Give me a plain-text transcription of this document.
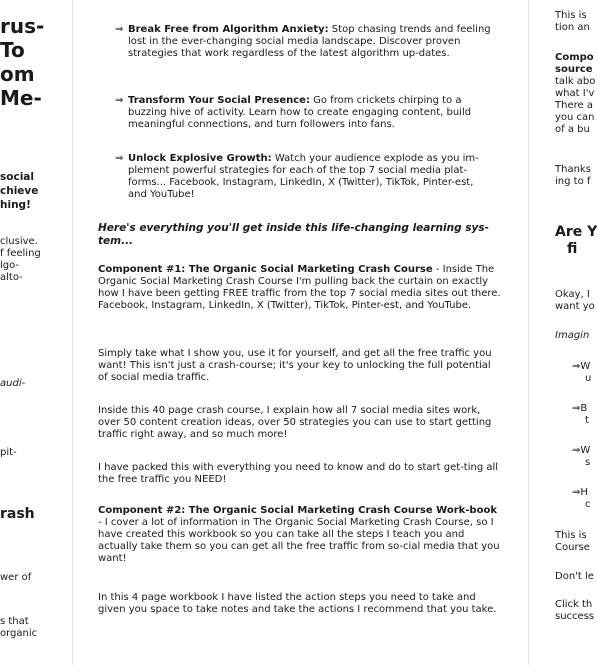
rus-
To
om
Me-
social
chieve
hing!
clusive.
f feeling
lgo-
alto-
audi-
pit-
rash
wer of
s that
organic
⇒ Break Free from Algorithm Anxiety: Stop chasing trends and feeling lost in the ever-changing social media landscape. Discover proven strategies that work regardless of the latest algorithm up-dates.
⇒ Transform Your Social Presence: Go from crickets chirping to a buzzing hive of activity. Learn how to create engaging content, build meaningful connections, and turn followers into fans.
⇒ Unlock Explosive Growth: Watch your audience explode as you im-plement powerful strategies for each of the top 7 social media plat-forms... Facebook, Instagram, LinkedIn, X (Twitter), TikTok, Pinter-est, and YouTube!
Here's everything you'll get inside this life-changing learning sys-tem...
Component #1: The Organic Social Marketing Crash Course - Inside The Organic Social Marketing Crash Course I'm pulling back the curtain on exactly how I have been getting FREE traffic from the top 7 social media sites out there. Facebook, Instagram, LinkedIn, X (Twitter), TikTok, Pinter-est, and YouTube.
Simply take what I show you, use it for yourself, and get all the free traffic you want! This isn't just a crash-course; it's your key to unlocking the full potential of social media traffic.
Inside this 40 page crash course, I explain how all 7 social media sites work, over 50 content creation ideas, over 50 strategies you can use to start getting traffic right away, and so much more!
I have packed this with everything you need to know and do to start get-ting all the free traffic you NEED!
Component #2: The Organic Social Marketing Crash Course Work-book - I cover a lot of information in The Organic Social Marketing Crash Course, so I have created this workbook so you can take all the steps I teach you and actually take them so you can get all the free traffic from so-cial media that you want!
In this 4 page workbook I have listed the action steps you need to take and given you space to take notes and take the actions I recommend that you take.
This is
tion an
Compo
source
talk abo
what I'v
There a
you can
of a bu
Thanks
ing to f
Are Y
fi
Okay, I
want yo
Imagin
⇒W
u
⇒B
t
⇒W
s
⇒H
c
This is
Course
Don't le
Click th
success
